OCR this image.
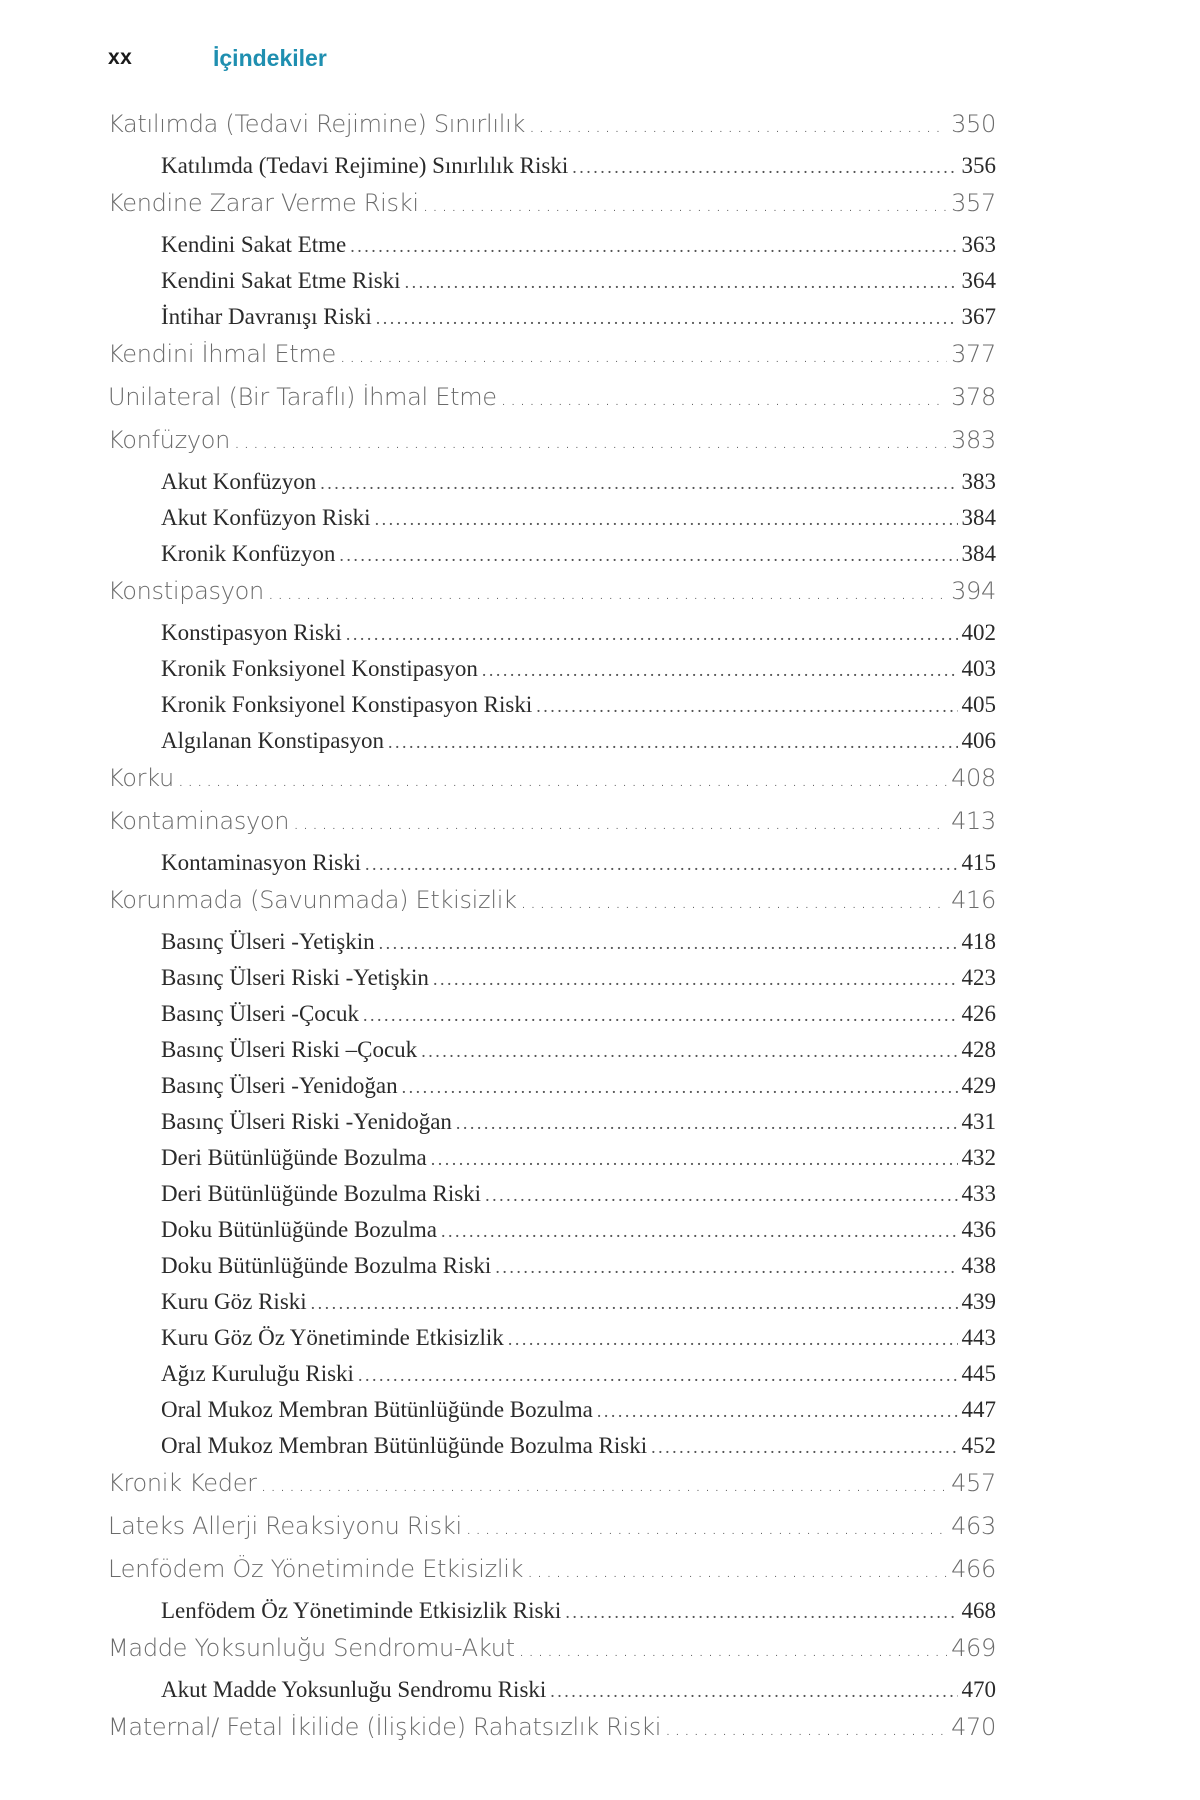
xx	İçindekiler
Katılımda (Tedavi Rejimine) Sınırlılık . . .	350
Katılımda (Tedavi Rejimine) Sınırlılık Riski . . .	356
Kendine Zarar Verme Riski . . .	357
Kendini Sakat Etme . . .	363
Kendini Sakat Etme Riski . . .	364
İntihar Davranışı Riski . . .	367
Kendini İhmal Etme . . .	377
Unilateral (Bir Taraflı) İhmal Etme . . .	378
Konfüzyon . . .	383
Akut Konfüzyon . . .	383
Akut Konfüzyon Riski . . .	384
Kronik Konfüzyon . . .	384
Konstipasyon . . .	394
Konstipasyon Riski . . .	402
Kronik Fonksiyonel Konstipasyon . . .	403
Kronik Fonksiyonel Konstipasyon Riski . . .	405
Algılanan Konstipasyon . . .	406
Korku . . .	408
Kontaminasyon . . .	413
Kontaminasyon Riski . . .	415
Korunmada (Savunmada) Etkisizlik . . .	416
Basınç Ülseri -Yetişkin . . .	418
Basınç Ülseri Riski -Yetişkin . . .	423
Basınç Ülseri -Çocuk . . .	426
Basınç Ülseri Riski –Çocuk . . .	428
Basınç Ülseri -Yenidoğan . . .	429
Basınç Ülseri Riski -Yenidoğan . . .	431
Deri Bütünlüğünde Bozulma . . .	432
Deri Bütünlüğünde Bozulma Riski . . .	433
Doku Bütünlüğünde Bozulma . . .	436
Doku Bütünlüğünde Bozulma Riski . . .	438
Kuru Göz Riski . . .	439
Kuru Göz Öz Yönetiminde Etkisizlik . . .	443
Ağız Kuruluğu Riski . . .	445
Oral Mukoz Membran Bütünlüğünde Bozulma . . .	447
Oral Mukoz Membran Bütünlüğünde Bozulma Riski . . .	452
Kronik Keder . . .	457
Lateks Allerji Reaksiyonu Riski . . .	463
Lenfödem Öz Yönetiminde Etkisizlik . . .	466
Lenfödem Öz Yönetiminde Etkisizlik Riski . . .	468
Madde Yoksunluğu Sendromu-Akut . . .	469
Akut Madde Yoksunluğu Sendromu Riski . . .	470
Maternal/ Fetal İkilide (İlişkide) Rahatsızlık Riski . . .	470
